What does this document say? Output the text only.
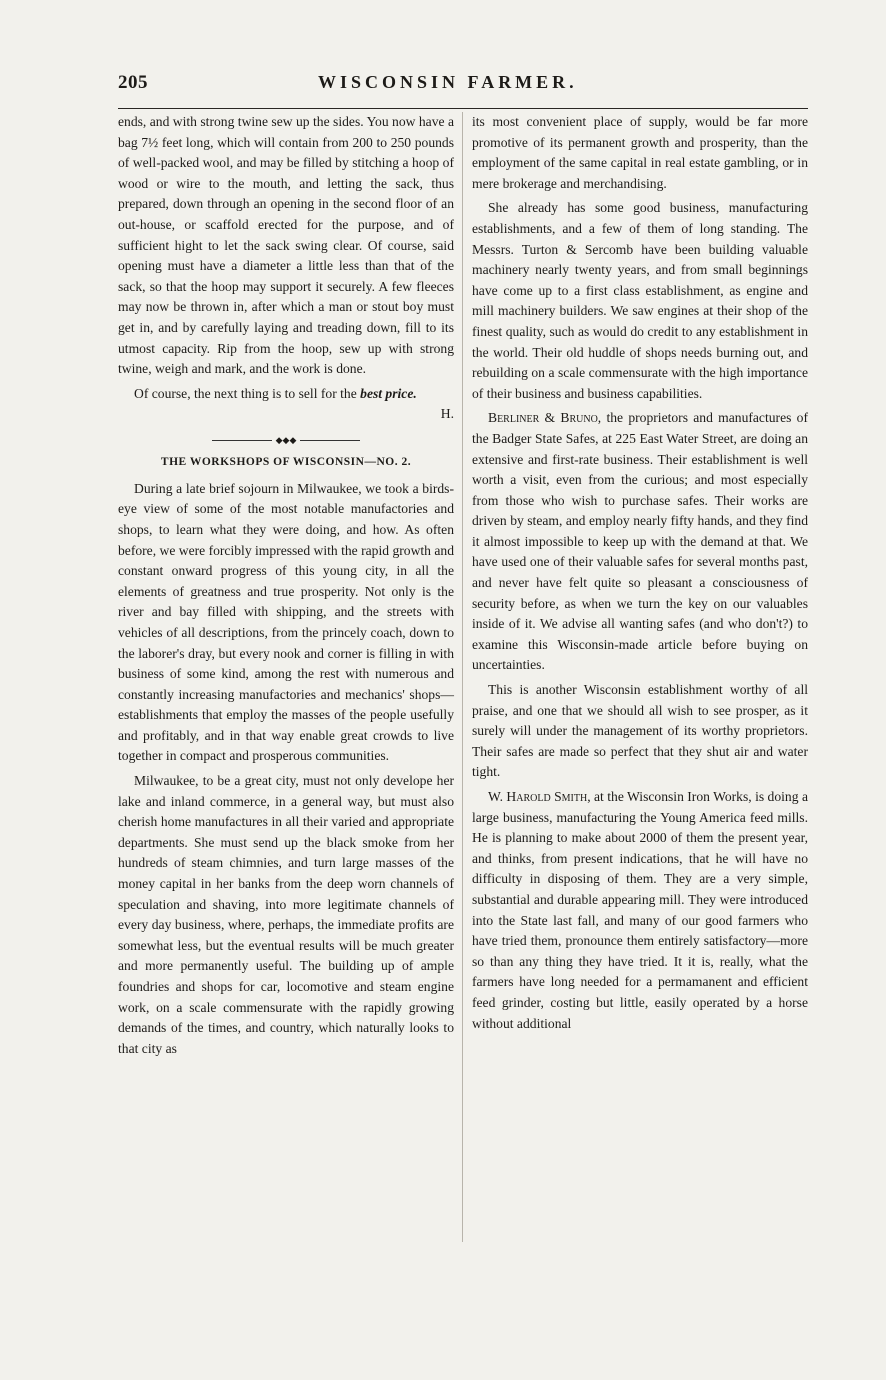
205	WISCONSIN FARMER.

ends, and with strong twine sew up the sides. You now have a bag 7½ feet long, which will contain from 200 to 250 pounds of well-packed wool, and may be filled by stitching a hoop of wood or wire to the mouth, and letting the sack, thus prepared, down through an opening in the second floor of an out-house, or scaffold erected for the purpose, and of sufficient hight to let the sack swing clear. Of course, said opening must have a diameter a little less than that of the sack, so that the hoop may support it securely. A few fleeces may now be thrown in, after which a man or stout boy must get in, and by carefully laying and treading down, fill to its utmost capacity. Rip from the hoop, sew up with strong twine, weigh and mark, and the work is done.

Of course, the next thing is to sell for the best price.
H.

◆◆◆

THE WORKSHOPS OF WISCONSIN—NO. 2.

During a late brief sojourn in Milwaukee, we took a birds-eye view of some of the most notable manufactories and shops, to learn what they were doing, and how. As often before, we were forcibly impressed with the rapid growth and constant onward progress of this young city, in all the elements of greatness and true prosperity. Not only is the river and bay filled with shipping, and the streets with vehicles of all descriptions, from the princely coach, down to the laborer's dray, but every nook and corner is filling in with business of some kind, among the rest with numerous and constantly increasing manufactories and mechanics' shops—establishments that employ the masses of the people usefully and profitably, and in that way enable great crowds to live together in compact and prosperous communities.

Milwaukee, to be a great city, must not only develope her lake and inland commerce, in a general way, but must also cherish home manufactures in all their varied and appropriate departments. She must send up the black smoke from her hundreds of steam chimnies, and turn large masses of the money capital in her banks from the deep worn channels of speculation and shaving, into more legitimate channels of every day business, where, perhaps, the immediate profits are somewhat less, but the eventual results will be much greater and more permanently useful. The building up of ample foundries and shops for car, locomotive and steam engine work, on a scale commensurate with the rapidly growing demands of the times, and country, which naturally looks to that city as

its most convenient place of supply, would be far more promotive of its permanent growth and prosperity, than the employment of the same capital in real estate gambling, or in mere brokerage and merchandising.

She already has some good business, manufacturing establishments, and a few of them of long standing. The Messrs. Turton & Sercomb have been building valuable machinery nearly twenty years, and from small beginnings have come up to a first class establishment, as engine and mill machinery builders. We saw engines at their shop of the finest quality, such as would do credit to any establishment in the world. Their old huddle of shops needs burning out, and rebuilding on a scale commensurate with the high importance of their business and business capabilities.

Berliner & Bruno, the proprietors and manufactures of the Badger State Safes, at 225 East Water Street, are doing an extensive and first-rate business. Their establishment is well worth a visit, even from the curious; and most especially from those who wish to purchase safes. Their works are driven by steam, and employ nearly fifty hands, and they find it almost impossible to keep up with the demand at that. We have used one of their valuable safes for several months past, and never have felt quite so pleasant a consciousness of security before, as when we turn the key on our valuables inside of it. We advise all wanting safes (and who don't?) to examine this Wisconsin-made article before buying on uncertainties.

This is another Wisconsin establishment worthy of all praise, and one that we should all wish to see prosper, as it surely will under the management of its worthy proprietors. Their safes are made so perfect that they shut air and water tight.

W. Harold Smith, at the Wisconsin Iron Works, is doing a large business, manufacturing the Young America feed mills. He is planning to make about 2000 of them the present year, and thinks, from present indications, that he will have no difficulty in disposing of them. They are a very simple, substantial and durable appearing mill. They were introduced into the State last fall, and many of our good farmers who have tried them, pronounce them entirely satisfactory—more so than any thing they have tried. It it is, really, what the farmers have long needed for a permamanent and efficient feed grinder, costing but little, easily operated by a horse without additional
